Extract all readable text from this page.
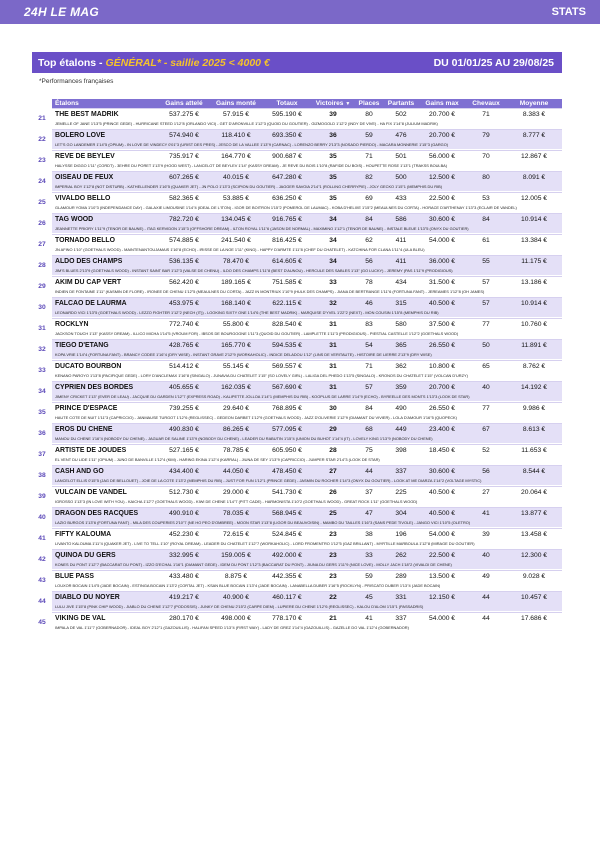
24H LE MAG	STATS
Top étalons - GÉNÉRAL* - saillie 2025 < 4000 €	DU 01/01/25 AU 29/08/25
*Performances françaises
	Étalons	Gains attelé	Gains monté	Totaux	Victoires ▼	Places	Partants	Gains max	Chevaux	Moyenne
21	THE BEST MADRIK	537.275 €	57.915 €	595.190 €	39	80	502	20.700 €	71	8.383 €
	JEMELLE OF JANE 1'13"5 (PRINCE GEDE) - HURRICANE STEED 1'12"8 (ORLANDO VICI) - GET D'ARONVILLE 1'12"3 (QUOID DU GOUTIER) - GIZMOGOLD 1'12"2 (INDY DE VIVE) - HA FIX 1'14"8 (JULIUM MADRIK)									

22	BOLERO LOVE	574.940 €	118.410 €	693.350 €	36	59	476	20.700 €	79	8.777 €
	LET'S GO LANDEMER 1'14"5 (OPIUM) - IN LOVE DE VINDECY 0'01"3 (URIST DES PRES) - JESCO DE LA VALLEE 1'13"9 (CARNAC) - LORENZO BERRY 2'13"3 (NOSADO PIERDO) - MACARA MONNERIE 1'15"3 (GARGO)									

23	REVE DE BEYLEV	735.917 €	164.770 €	900.687 €	35	71	501	56.000 €	70	12.867 €
	HALYSSE DIGGO 1'11" (CORDT) - 3EHRE DU PORET 1'13"9 (HOOD WEST) - LANCELOT DE BEYLEV 1'14" (KASSY DREAM) - JE REVE DU BOIS 1'10"8 (RAFIDE DU BOIS) - HOUPETTE ROSE 1'13"1 (TRAKSS BOULBA)									

24	OISEAU DE FEUX	607.265 €	40.015 €	647.280 €	35	82	500	12.500 €	80	8.091 €
	IMPERIAL BOY 1'12"8 (NOT DISTURB) - KATHELLENDER 1'16"5 (QUAKER JET) - JN POLO 1'13"3 (SCIPION DU GOUTIER) - JAGGER SAVOIA 2'14"1 (ROLLING CHERRYPIE) - JOLY GECKO 1'15"1 (MEMPHIS DU RIB)									

25	VIVALDO BELLO	582.365 €	53.885 €	636.250 €	35	69	433	22.500 €	53	12.005 €
	GLAMOUR YOMA 1'10"3 (INDEPENDANCE DAY) - GALAXIE LIMOUSINE 1'14"4 (IDEAL DE L'ITON) - IGOR DE BOITRON 1'15"2 (POMEROL DE LAUMAC) - KOBA D'HELIXE 1'15"2 (MEAULNES DU CORTA) - HORACE D'ARTHENAY 1'13"3 (ECLAIR DE VANDEL)									

26	TAG WOOD	782.720 €	134.045 €	916.765 €	34	84	586	30.600 €	84	10.914 €
	JEANNETTE PRIORY 1'11"9 (TENOR DE BAUNE) - ITAG KERVIDON 1'15"3 (OFFSHORE DREAM) - ILTON ROYAL 1'11"6 (JASON DE NORMAL) - MAXIMINO 1'12"1 (TENOR DE BAUNE) - INSTALE BLEUE 1'13"5 (ONYX DU GOUTIER)									

27	TORNADO BELLO	574.885 €	241.540 €	816.425 €	34	62	411	54.000 €	61	13.384 €
	JN AFINO 1'10" (GOETHALS WOOD) - MAINTENANTOUJAMAIS 1'16"8 (ECHO) - IRISSE DE LA NOE 1'11" (KING) - HAPPY D'ARMTE 1'11"8 (CHEF DU CHATELET) - KATCHINA FOR CLANA 1'11"4 (ULA BLEU)									

28	ALDO DES CHAMPS	536.135 €	78.470 €	614.605 €	34	56	411	36.000 €	55	11.175 €
	JIM'S BLUES 2'13"9 (GOETHALS WOOD) - INSTANT SAINT BAR 1'12"3 (VALSE DE CHENU) - ILDO DES CHAMPS 1'11"8 (BEST D'AUNOU) - HERCULE DES SABLES 1'13" (GO LUCKY) - JEREMY (PAS 1'11"9 (PRODIGIOUS)									

29	AKIM DU CAP VERT	562.420 €	189.165 €	751.585 €	33	78	434	31.500 €	57	13.186 €
	INDIEN DE FONTAINE 1'11" (KASMIN DE FLORE) - IRONEE DE CHENU 1'12"5 (MEAULNES DU CORTA) - JAZZ IN MONTRIUX 1'10"9 (HULK DES CHAMPS) - JIANA DE BERTRANGE 1'11"6 (FORTUNA FANT) - JEREAMES 1'12"8 (OH JAMES)									

30	FALCAO DE LAURMA	453.975 €	168.140 €	622.115 €	32	46	315	40.500 €	57	10.914 €
	LEONARDO VICI 1'13"5 (GOETHALS WOOD) - LEZZO FIGHTER 1'12"2 (NECH (IT)) - LOOKING SIXTY ONE 1'14"6 (THE BEST MADRIK) - MARQUISE D'YVEL 1'22"2 (NEXT) - MON COUSIN 1'15"8 (MEMPHIS DU RIB)									

31	ROCKLYN	772.740 €	55.800 €	828.540 €	31	83	580	37.500 €	77	10.760 €
	JACKSON TOUCH 1'13" (KASSY DREAM) - ILLICO MICHA 1'14"5 (VROUM FOR) - IBSOS DE BOURGOGNE 1'11"3 (QUOID DU GOUTIER) - LAMPLETTE 1'11"3 (PRODIGIOUS) - PIESTIAL CASTELLE 1'12"2 (GOETHALS WOOD)									

32	TIEGO D'ETANG	428.765 €	165.770 €	594.535 €	31	54	365	26.550 €	50	11.891 €
	KOPA VRIE 1'14"4 (FORTUNA FANT) - BRANCY CODEE 1'16"4 (DRY WISE) - INSTANT GRAVE 2'12"9 (WORKAHOLIC) - INDICE DELADOU 1'12" (LINS DE VERITAUTE) - HISTOIRE DE LIERRE 2'13"9 (DRY WISE)									

33	DUCATO BOURBON	514.412 €	55.145 €	569.557 €	31	71	362	10.800 €	65	8.762 €
	KENANO PAROYO 1'13"8 (PACIFIQUE GEDE) - LORY D'ANCLEMAX 1'16"8 (SINGALO) - JUNAVIA DU CHATELET 1'15" (SO LOVELY GIRL) - LALIGA DEL PHEDO 1'13"5 (SINGALO) - KRONOS DU CHATELET 1'15" (VOLCAN D'URZY)									

34	CYPRIEN DES BORDES	405.655 €	162.035 €	567.690 €	31	57	359	20.700 €	40	14.192 €
	JIMENY CRICKET 1'13" (EVER DE LEAU) - JACQUIE DU GARDEN 1'12"7 (EXPRESS ROAD) - KALIPETTE JOLLOA 1'14"1 (MEMPHIS DU RIB) - KOOPLUS DE LARRE 1'14"9 (ECHO) - BYREELLE DES MONTS 1'13"3 (LOOK DE STAR)									

35	PRINCE D'ESPACE	739.255 €	29.640 €	768.895 €	30	84	490	26.550 €	77	9.986 €
	HAUTE COTE DE NUIT 1'11"3 (CAPRICCIO) - JANMAUSE TURGOT 1'12"6 (REGLISSEC) - GEDEON DARBET 1'12"9 (GOETHALS WOOD) - JAZZ D'OLIVERIE 1'12"9 (DIAMANT DU VIVIER) - LOLA D'AMOUR 1'16"5 (QUOPECK)									

36	EROS DU CHENE	490.830 €	86.265 €	577.095 €	29	68	449	23.400 €	67	8.613 €
	MANOU DU CHENE 1'16"4 (NOBODY DU CHENE) - JAGUAR DE SALINE 1'13"9 (NOBODY DU CHENE) - LEADER DU RABUTIN 1'15"4 (UNION DU BUHOT 1'14"4 (IT) - LOVELY KING 1'13"9 (NOBODY DU CHENE)									

37	ARTISTE DE JOUDES	527.165 €	78.785 €	605.950 €	28	75	398	18.450 €	52	11.653 €
	EL VENT DU LIDE 1'11" (OPIUM) - JUNO DE BANVILLE 1'12"4 (KIM) - HARING EKINA 1'12"4 (KARRAL) - JIUNA DE SEY 1'13"9 (CAPRICCIO) - JUMPER STAR 2'14"3 (LOOK DE STAR)									

38	CASH AND GO	434.400 €	44.050 €	478.450 €	27	44	337	30.600 €	56	8.544 €
	LANCELOT ELLIS 0'15"5 (JAG DE BELLOUET) - JOIE DE LA COTE 1'13"2 (MEMPHIS DU RIB) - JUST FOR FUN 1'12"1 (PRINCE GEDE) - JASMIN DU ROCHER 1'14"3 (ONYX DU GOUTIER) - LOOK AT ME DIARZA 1'14"2 (VOLTAGE MYSTIC)									

39	VULCAIN DE VANDEL	512.730 €	29.000 €	541.730 €	26	37	225	40.500 €	27	20.064 €
	IGROSSO 1'13"3 (IN LOVE WITH YOU) - KAICHA 1'12"7 (GOETHALS WOOD) - KIWI DE CHENE 1'14"7 (PITT CADE) - HARMONISTA 1'10"2 (GOETHALS WOOD) - GREAT ROCK 1'11" (GOETHALS WOOD)									

40	DRAGON DES RACQUES	490.910 €	78.035 €	568.945 €	25	47	304	40.500 €	41	13.877 €
	LAZIO BURGOS 1'13"6 (FORTUNA FANT) - MILA DES COUPERIES 2'10"7 (NE HO PEO D'OMBREE) - MOON STAR 1'13"8 (LIGOR DU BEAUVOISIN) - MAMBO DU TAILLES 1'16"3 (SANS PEDE TIVOLE) - JANGO VICI 1'10"5 (OLETRO)									

41	FIFTY KALOUMA	452.230 €	72.615 €	524.845 €	23	38	196	54.000 €	39	13.458 €
	LIVANTO KALOUMA 1'11"4 (QUAKER JET) - LIVE TO TELL 1'10" (ROYAL DREAM) - LEADER DU CHATELET 1'12"7 (WORKAHOLIC) - LORD FROMENTRO 1'12"5 (GAZ BRILLANT) - MYRTILLE MARBOULA 1'12"8 (MIRAGE DU GOUTIER)									

42	QUINOA DU GERS	332.995 €	159.005 €	492.000 €	23	33	262	22.500 €	40	12.300 €
	KONES DU PONT 1'12"7 (BACCARAT DU PONT) - IZZO D'ECHAL 1'16"1 (DIAMANT GEDE) - IDEM DU PONT 1'12"3 (BACCARAT DU PONT) - JIUNA DU GERS 1'11"9 (NICE LOVE) - MOLLY JACH 1'18"2 (VIVALDI DE CHENE)									

43	BLUE PASS	433.480 €	8.875 €	442.355 €	23	59	289	13.500 €	49	9.028 €
	LOUXOR BOCAIN 1'14"5 (JADE BOCAIN) - ESTINGA BOCAIN 1'13"2 (CORTAL JET) - KSAN BLUE BOCAIN 1'13"4 (JADE BOCAIN) - LANABELLA DUBER 1'16"5 (ROCKLYN) - PRISCATO DUBER 1'13"4 (JADE BOCAIN)									

44	DIABLO DU NOYER	419.217 €	40.900 €	460.117 €	22	45	331	12.150 €	44	10.457 €
	LULU JIVE 1'15"8 (PINK CHIP WOOD) - JIABLO DU CHENE 1'12"7 (PODOSSIS) - JUNKY DE CHENU 2'15"2 (CARPE DIEM) - LUPIERE DU CHENE 1'12"6 (REGLISSEC) - KALOU D'ALOM 1'15"1 (PASSADRIS)									

45	VIKING DE VAL	280.170 €	498.000 €	778.170 €	21	41	337	54.000 €	44	17.686 €
	IMPALA DE VAL 1'11"7 (GOBERNADOR) - IDEAL BOY 2'12"1 (GAZOUILLIS) - HALIFAN SPEED 1'13"4 (FIRST WAY) - LADY DE GREZ 1'14"4 (GAZOUILLIS) - GAZELLE DO VAL 1'12"4 (GOBERNADOR)									
